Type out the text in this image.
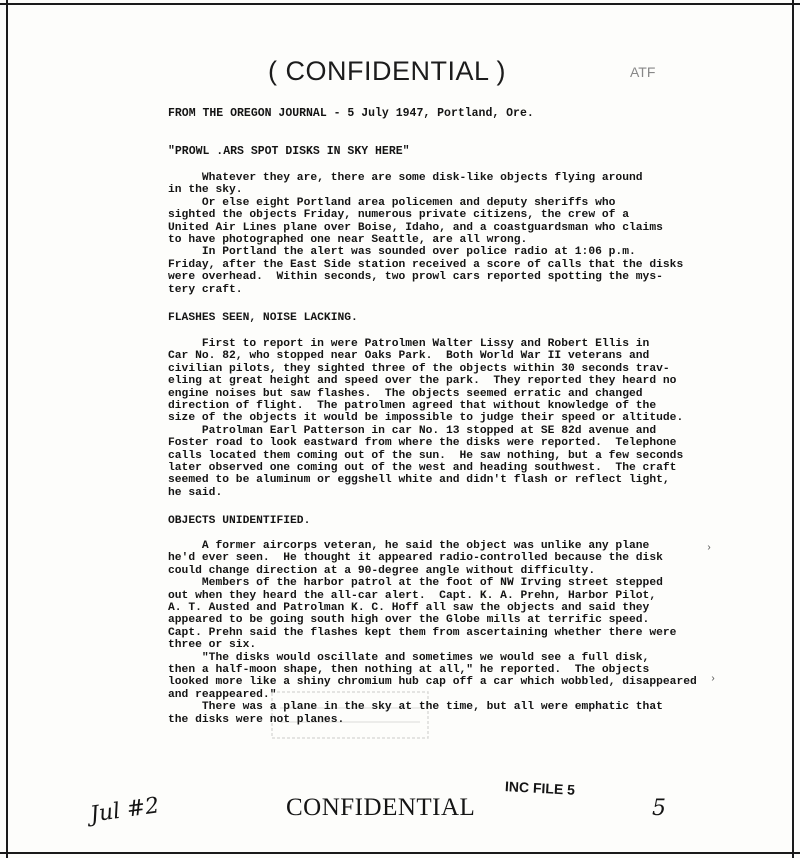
( CONFIDENTIAL )	ATF
FROM THE OREGON JOURNAL - 5 July 1947, Portland, Ore.
"PROWL .ARS SPOT DISKS IN SKY HERE"
Whatever they are, there are some disk-like objects flying around
in the sky.
Or else eight Portland area policemen and deputy sheriffs who
sighted the objects Friday, numerous private citizens, the crew of a
United Air Lines plane over Boise, Idaho, and a coastguardsman who claims
to have photographed one near Seattle, are all wrong.
In Portland the alert was sounded over police radio at 1:06 p.m.
Friday, after the East Side station received a score of calls that the disks
were overhead.  Within seconds, two prowl cars reported spotting the mys-
tery craft.
FLASHES SEEN, NOISE LACKING.
First to report in were Patrolmen Walter Lissy and Robert Ellis in
Car No. 82, who stopped near Oaks Park.  Both World War II veterans and
civilian pilots, they sighted three of the objects within 30 seconds trav-
eling at great height and speed over the park.  They reported they heard no
engine noises but saw flashes.  The objects seemed erratic and changed
direction of flight.  The patrolmen agreed that without knowledge of the
size of the objects it would be impossible to judge their speed or altitude.
Patrolman Earl Patterson in car No. 13 stopped at SE 82d avenue and
Foster road to look eastward from where the disks were reported.  Telephone
calls located them coming out of the sun.  He saw nothing, but a few seconds
later observed one coming out of the west and heading southwest.  The craft
seemed to be aluminum or eggshell white and didn't flash or reflect light,
he said.
OBJECTS UNIDENTIFIED.
A former aircorps veteran, he said the object was unlike any plane
he'd ever seen.  He thought it appeared radio-controlled because the disk
could change direction at a 90-degree angle without difficulty.
Members of the harbor patrol at the foot of NW Irving street stepped
out when they heard the all-car alert.  Capt. K. A. Prehn, Harbor Pilot,
A. T. Austed and Patrolman K. C. Hoff all saw the objects and said they
appeared to be going south high over the Globe mills at terrific speed.
Capt. Prehn said the flashes kept them from ascertaining whether there were
three or six.
"The disks would oscillate and sometimes we would see a full disk,
then a half-moon shape, then nothing at all," he reported.  The objects
looked more like a shiny chromium hub cap off a car which wobbled, disappeared
and reappeared."
There was a plane in the sky at the time, but all were emphatic that
the disks were not planes.
›
›
Jul #2	CONFIDENTIAL
INC FILE 5
5
